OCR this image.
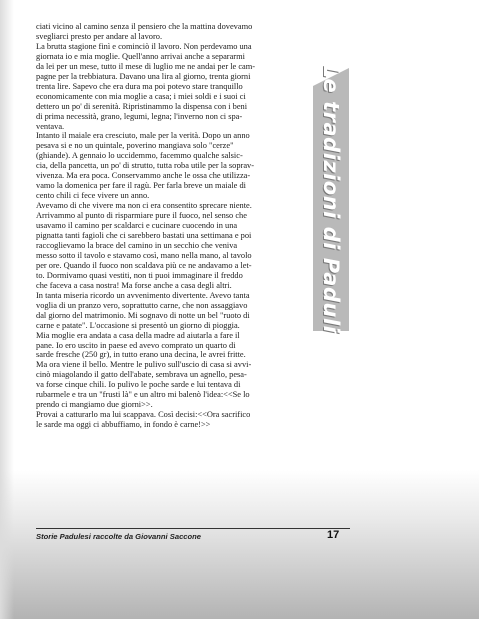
ciati vicino al camino senza il pensiero che la mattina dovevamo
svegliarci presto per andare al lavoro.
La brutta stagione finì e cominciò il lavoro. Non perdevamo una
giornata io e mia moglie. Quell'anno arrivai anche a separarmi
da lei per un mese, tutto il mese di luglio me ne andai per le cam-
pagne per la trebbiatura. Davano una lira al giorno, trenta giorni
trenta lire. Sapevo che era dura ma poi potevo stare tranquillo
economicamente con mia moglie a casa; i miei soldi e i suoi ci
dettero un po' di serenità. Ripristinammo la dispensa con i beni
di prima necessità, grano, legumi, legna; l'inverno non ci spa-
ventava.
Intanto il maiale era cresciuto, male per la verità. Dopo un anno
pesava si e no un quintale, poverino mangiava solo "cerze"
(ghiande). A gennaio lo uccidemmo, facemmo qualche salsic-
cia, della pancetta, un po' di strutto, tutta roba utile per la soprav-
vivenza. Ma era poca. Conservammo anche le ossa che utilizza-
vamo la domenica per fare il ragù. Per farla breve un maiale di
cento chili ci fece vivere un anno.
Avevamo di che vivere ma non ci era consentito sprecare niente.
Arrivammo al punto di risparmiare pure il fuoco, nel senso che
usavamo il camino per scaldarci e cucinare cuocendo in una
pignatta tanti fagioli che ci sarebbero bastati una settimana e poi
raccoglievamo la brace del camino in un secchio che veniva
messo sotto il tavolo e stavamo così, mano nella mano, al tavolo
per ore. Quando il fuoco non scaldava più ce ne andavamo a let-
to. Dormivamo quasi vestiti, non ti puoi immaginare il freddo
che faceva a casa nostra! Ma forse anche a casa degli altri.
In tanta miseria ricordo un avvenimento divertente. Avevo tanta
voglia di un pranzo vero, soprattutto carne, che non assaggiavo
dal giorno del matrimonio. Mi sognavo di notte un bel "ruoto di
carne e patate". L'occasione si presentò un giorno di pioggia.
Mia moglie era andata a casa della madre ad aiutarla a fare il
pane. Io ero uscito in paese ed avevo comprato un quarto di
sarde fresche (250 gr), in tutto erano una decina, le avrei fritte.
Ma ora viene il bello. Mentre le pulivo sull'uscio di casa si avvi-
cinò miagolando il gatto dell'abate, sembrava un agnello, pesa-
va forse cinque chili. Io pulivo le poche sarde e lui tentava di
rubarmele e tra un "frusti là" e un altro mi balenò l'idea:<<Se lo
prendo ci mangiamo due giorni>>.
Provai a catturarlo ma lui scappava. Così decisi:<<Ora sacrifico
le sarde ma oggi ci abbuffiamo, in fondo è carne!>>
Le tradizioni di Paduli
Storie Padulesi raccolte da Giovanni Saccone	17
